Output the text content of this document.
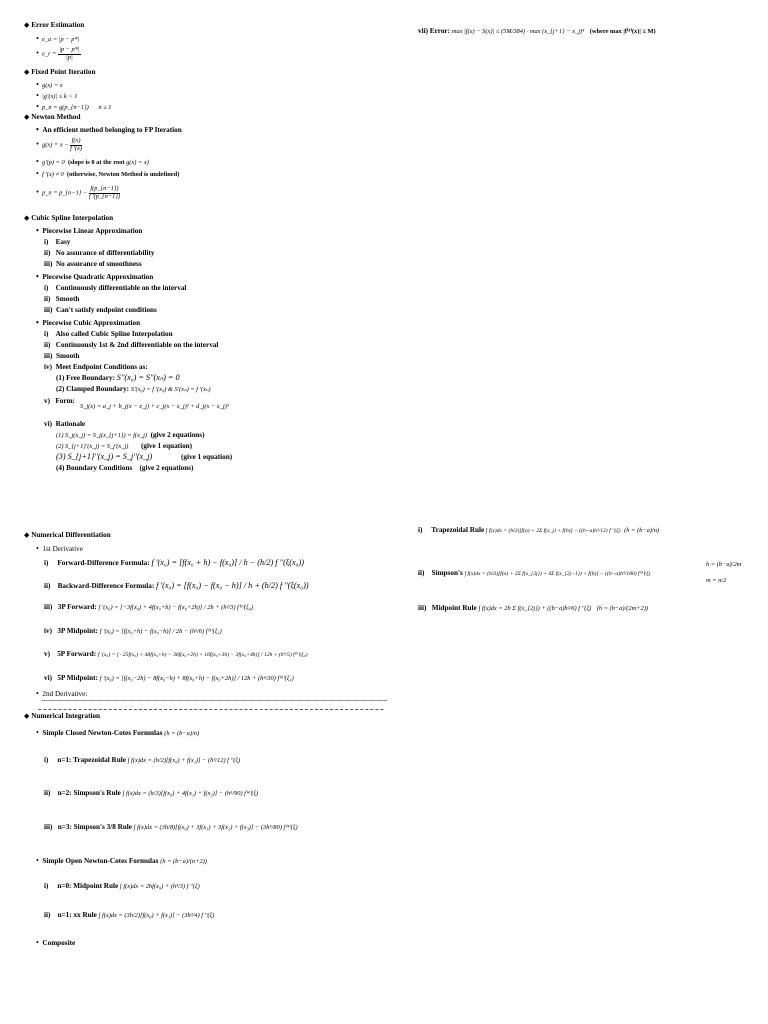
◆ Error Estimation
• e_a = |p − p*|
• e_r = $\frac{|p - p*|}{|p|}$
◆ Fixed Point Iteration
• g(x) = x
• |g'(x)| ≤ k < 1
• p_n = g(p_{n−1}) n ≥ 1
◆ Newton Method
• An efficient method belonging to FP Iteration
• $g(x) = x - \frac{f(x)}{f '(x)}$
• g'(p) = 0 (slope is 0 at the root g(x) = x)
• f '(x) ≠ 0 (otherwise, Newton Method is undefined)
• p_n = p_{n−1} − $\frac{f(p\_\{n-1\})}{f '(p\_\{n-1\})}$
◆ Cubic Spline Interpolation
• Piecewise Linear Approximation
i) Easy
ii) No assurance of differentiability
iii) No assurance of smoothness
• Piecewise Quadratic Approximation
i) Continuously differentiable on the interval
ii) Smooth
iii) Can't satisfy endpoint conditions
• Piecewise Cubic Approximation
i) Also called Cubic Spline Interpolation
ii) Continuously 1st & 2nd differentiable on the interval
iii) Smooth
iv) Meet Endpoint Conditions as:
(1) Free Boundary: S''(x₀) = S''(xₙ) = 0
(2) Clamped Boundary: S'(x₀) = f '(x₀) & S'(xₙ) = f '(xₙ)
v) Form:
S_j(x) = a_j + b_j(x − x_j) + c_j(x − x_j)² + d_j(x − x_j)³
vi) Rationale
(1) S_j(x_j) = S_j(x_{j+1}) = f(x_j) (give 2 equations)
(2) S_{j+1}'(x_j) = S_j'(x_j) (give 1 equation)
(3) S_{j+1}''(x_j) = S_j''(x_j)	(give 1 equation)
(4) Boundary Conditions (give 2 equations)
vii) Error: max |f(x) − S(x)| ≤ (5M/384) · max (x_{j+1} − x_j)⁴ (where max |f⁽⁴⁾(x)| ≤ M)
◆ Numerical Differentiation
• 1st Derivative
i) Forward-Difference Formula: f '(x₀) = [f(x₀ + h) − f(x₀)] / h − (h/2) f ''(ξ(x₀))
ii) Backward-Difference Formula: f '(x₀) = [f(x₀) − f(x₀ − h)] / h + (h/2) f ''(ξ(x₀))
iii) 3P Forward: f '(x₀) = [−3f(x₀) + 4f(x₀+h) − f(x₀+2h)] / 2h + (h²/3) f⁽³⁾(ξ₀)
iv) 3P Midpoint: f '(x₀) = [f(x₀+h) − f(x₀−h)] / 2h − (h²/6) f⁽³⁾(ξ₁)
v) 5P Forward: f '(x₀) = [−25f(x₀) + 48f(x₀+h) − 36f(x₀+2h) + 16f(x₀+3h) − 3f(x₀+4h)] / 12h + (h⁴/5) f⁽⁵⁾(ξ₀)
vi) 5P Midpoint: f '(x₀) = [f(x₀−2h) − 8f(x₀−h) + 8f(x₀+h) − f(x₀+2h)] / 12h + (h⁴/30) f⁽⁵⁾(ξ₁)
• 2nd Derivative:
◆ Numerical Integration
• Simple Closed Newton-Cotes Formulas (h = (b−a)/n)
i) n=1: Trapezoidal Rule ∫ f(x)dx = (h/2)[f(x₀) + f(x₁)] − (h³/12) f ''(ξ)
ii) n=2: Simpson's Rule ∫ f(x)dx = (h/3)[f(x₀) + 4f(x₁) + f(x₂)] − (h⁵/90) f⁽⁴⁾(ξ)
iii) n=3: Simpson's 3/8 Rule ∫ f(x)dx = (3h/8)[f(x₀) + 3f(x₁) + 3f(x₂) + f(x₃)] − (3h⁵/80) f⁽⁴⁾(ξ)
• Simple Open Newton-Cotes Formulas (h = (b−a)/(n+2))
i) n=0: Midpoint Rule ∫ f(x)dx = 2hf(x₀) + (h³/3) f ''(ξ)
ii) n=1: xx Rule ∫ f(x)dx = (3h/2)[f(x₀) + f(x₁)] − (3h³/4) f ''(ξ)
• Composite
i) Trapezoidal Rule ∫ f(x)dx = (h/2)[f(a) + 2Σ f(x_j) + f(b)] − ((b−a)h²/12) f ''(ξ) (h = (b−a)/n)
ii) Simpson's ∫ f(x)dx = (h/3)[f(a) + 2Σ f(x_{2j}) + 4Σ f(x_{2j−1}) + f(b)] − ((b−a)h⁴/180) f⁽⁴⁾(ξ)
h = (b−a)/2m
m = n/2
iii) Midpoint Rule ∫ f(x)dx = 2h Σ f(x_{2j}) + ((b−a)h²/6) f ''(ξ) (h = (b−a)/(2m+2))
